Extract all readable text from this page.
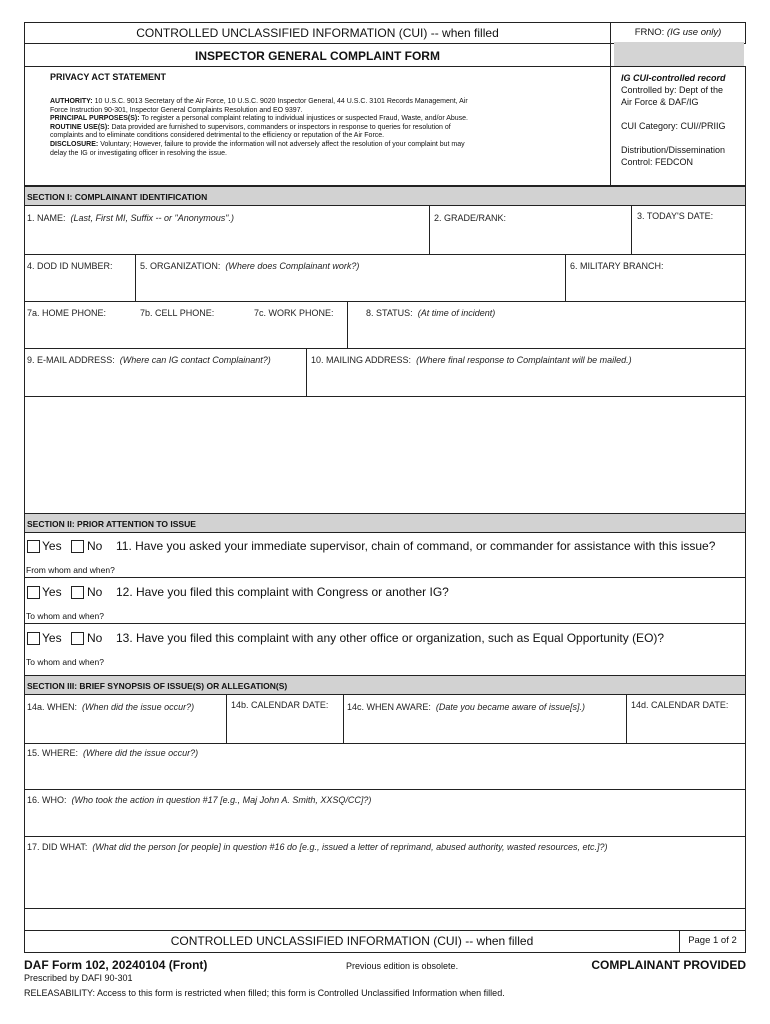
CONTROLLED UNCLASSIFIED INFORMATION (CUI) -- when filled	FRNO: (IG use only)
INSPECTOR GENERAL COMPLAINT FORM
PRIVACY ACT STATEMENT
AUTHORITY: 10 U.S.C. 9013 Secretary of the Air Force, 10 U.S.C. 9020 Inspector General, 44 U.S.C. 3101 Records Management, Air
Force Instruction 90-301, Inspector General Complaints Resolution and EO 9397.
PRINCIPAL PURPOSES(S): To register a personal complaint relating to individual injustices or suspected Fraud, Waste, and/or Abuse.
ROUTINE USE(S): Data provided are furnished to supervisors, commanders or inspectors in response to queries for resolution of
complaints and to eliminate conditions considered detrimental to the efficiency or reputation of the Air Force.
DISCLOSURE: Voluntary; However, failure to provide the information will not adversely affect the resolution of your complaint but may
delay the IG or investigating officer in resolving the issue.
IG CUI-controlled record
Controlled by: Dept of the
Air Force & DAF/IG
CUI Category: CUI//PRIIG
Distribution/Dissemination
Control: FEDCON
SECTION I: COMPLAINANT IDENTIFICATION
1. NAME: (Last, First MI, Suffix -- or "Anonymous".)	2. GRADE/RANK:	3. TODAY'S DATE:
4. DOD ID NUMBER:	5. ORGANIZATION: (Where does Complainant work?)	6. MILITARY BRANCH:
7a. HOME PHONE:	7b. CELL PHONE:	7c. WORK PHONE:	8. STATUS: (At time of incident)
9. E-MAIL ADDRESS: (Where can IG contact Complainant?)	10. MAILING ADDRESS: (Where final response to Complaintant will be mailed.)
SECTION II: PRIOR ATTENTION TO ISSUE
Yes No 11. Have you asked your immediate supervisor, chain of command, or commander for assistance with this issue?
From whom and when?
Yes No 12. Have you filed this complaint with Congress or another IG?
To whom and when?
Yes No 13. Have you filed this complaint with any other office or organization, such as Equal Opportunity (EO)?
To whom and when?
SECTION III: BRIEF SYNOPSIS OF ISSUE(S) OR ALLEGATION(S)
14a. WHEN: (When did the issue occur?)	14b. CALENDAR DATE: 14c. WHEN AWARE: (Date you became aware of issue[s].)	14d. CALENDAR DATE:
15. WHERE: (Where did the issue occur?)
16. WHO: (Who took the action in question #17 [e.g., Maj John A. Smith, XXSQ/CC]?)
17. DID WHAT: (What did the person [or people] in question #16 do [e.g., issued a letter of reprimand, abused authority, wasted resources, etc.]?)
CONTROLLED UNCLASSIFIED INFORMATION (CUI) -- when filled	Page 1 of 2
DAF Form 102, 20240104 (Front)
Prescribed by DAFI 90-301
Previous edition is obsolete.	COMPLAINANT PROVIDED
RELEASABILITY: Access to this form is restricted when filled; this form is Controlled Unclassified Information when filled.
